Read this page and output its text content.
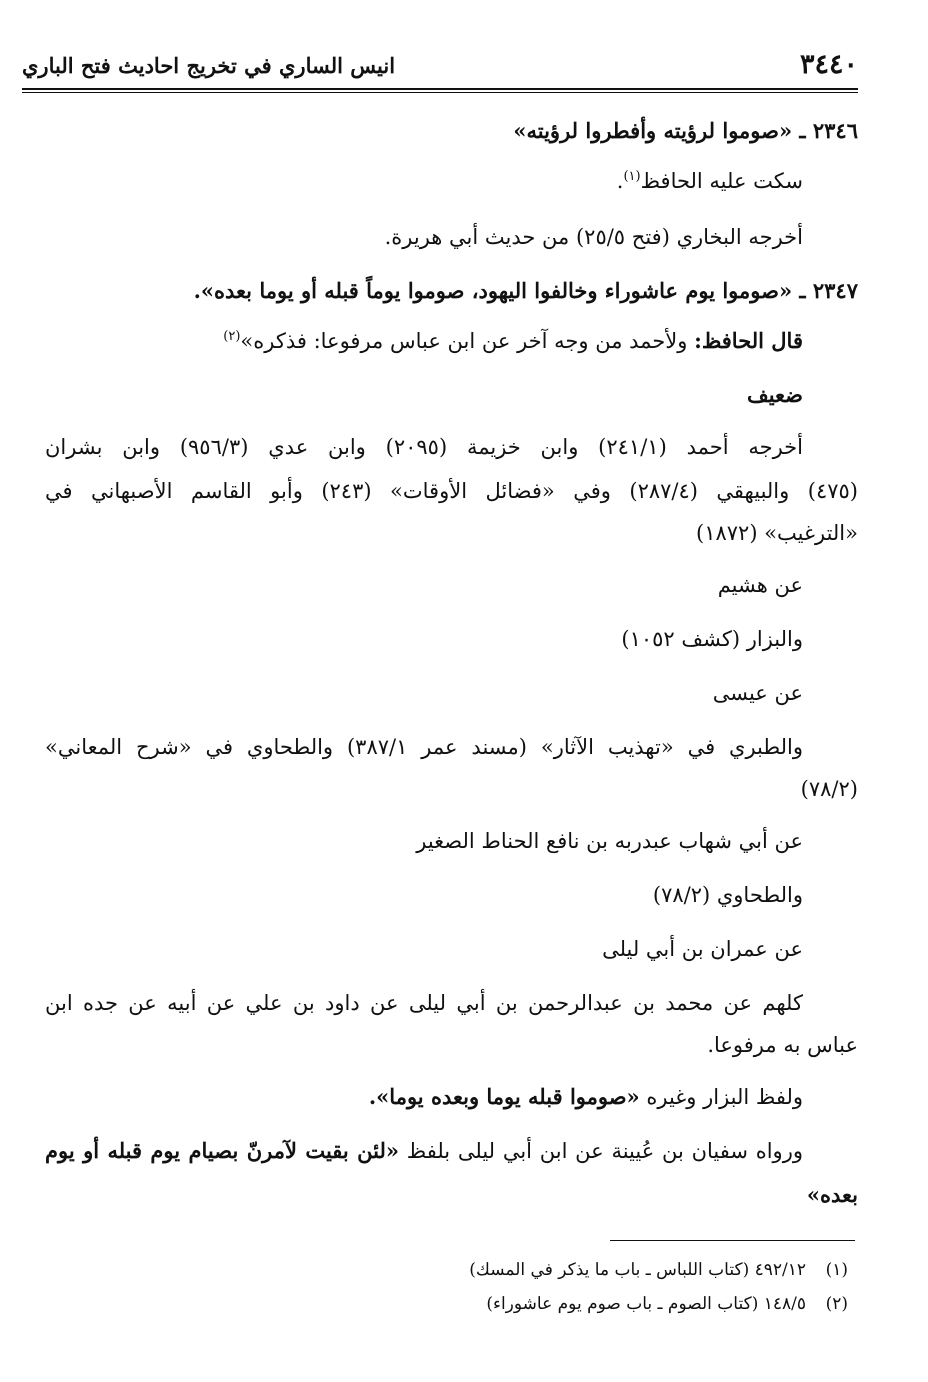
٣٤٤٠
انيس الساري في تخريج احاديث فتح الباري
٢٣٤٦ ـ «صوموا لرؤيته وأفطروا لرؤيته»
سكت عليه الحافظ$^{(١)}$.
أخرجه البخاري (فتح ٢٥/٥) من حديث أبي هريرة.
٢٣٤٧ ـ «صوموا يوم عاشوراء وخالفوا اليهود، صوموا يوماً قبله أو يوما بعده».
قال الحافظ: ولأحمد من وجه آخر عن ابن عباس مرفوعا: فذكره»$^{(٢)}$
ضعيف
أخرجه أحمد (٢٤١/١) وابن خزيمة (٢٠٩٥) وابن عدي (٩٥٦/٣) وابن بشران
(٤٧٥) والبيهقي (٢٨٧/٤) وفي «فضائل الأوقات» (٢٤٣) وأبو القاسم الأصبهاني في
«الترغيب» (١٨٧٢)
عن هشيم
والبزار (كشف ١٠٥٢)
عن عيسى
والطبري في «تهذيب الآثار» (مسند عمر ٣٨٧/١) والطحاوي في «شرح المعاني»
(٧٨/٢)
عن أبي شهاب عبدربه بن نافع الحناط الصغير
والطحاوي (٧٨/٢)
عن عمران بن أبي ليلى
كلهم عن محمد بن عبدالرحمن بن أبي ليلى عن داود بن علي عن أبيه عن جده ابن
عباس به مرفوعا.
ولفظ البزار وغيره «صوموا قبله يوما وبعده يوما».
ورواه سفيان بن عُيينة عن ابن أبي ليلى بلفظ «لئن بقيت لآمرنّ بصيام يوم قبله أو يوم
بعده»
(١)٤٩٢/١٢ (كتاب اللباس ـ باب ما يذكر في المسك)
(٢)١٤٨/٥ (كتاب الصوم ـ باب صوم يوم عاشوراء)
